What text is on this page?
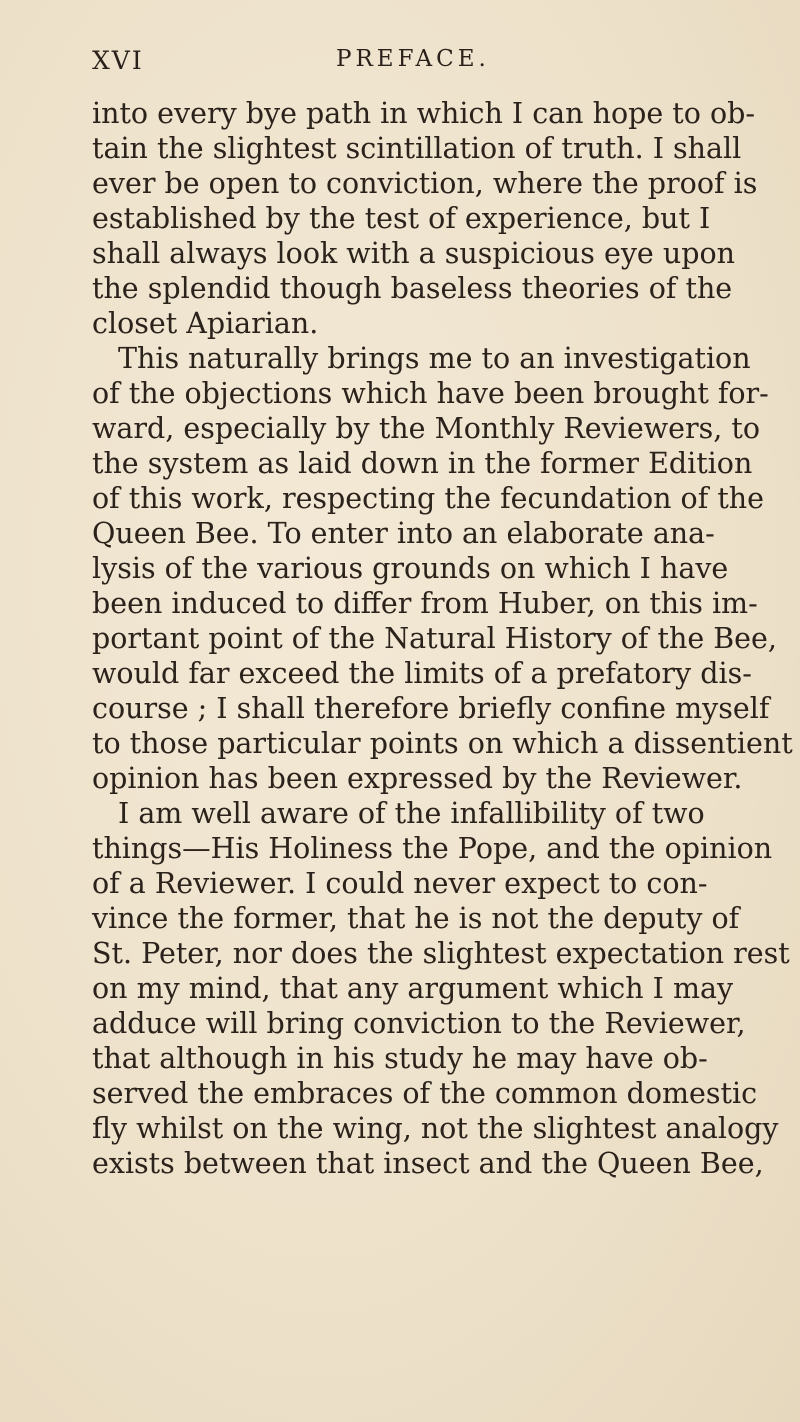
XVI	PREFACE.
into every bye path in which I can hope to ob-
tain the slightest scintillation of truth. I shall
ever be open to conviction, where the proof is
established by the test of experience, but I
shall always look with a suspicious eye upon
the splendid though baseless theories of the
closet Apiarian.
This naturally brings me to an investigation
of the objections which have been brought for-
ward, especially by the Monthly Reviewers, to
the system as laid down in the former Edition
of this work, respecting the fecundation of the
Queen Bee. To enter into an elaborate ana-
lysis of the various grounds on which I have
been induced to differ from Huber, on this im-
portant point of the Natural History of the Bee,
would far exceed the limits of a prefatory dis-
course ; I shall therefore briefly confine myself
to those particular points on which a dissentient
opinion has been expressed by the Reviewer.
I am well aware of the infallibility of two
things—His Holiness the Pope, and the opinion
of a Reviewer. I could never expect to con-
vince the former, that he is not the deputy of
St. Peter, nor does the slightest expectation rest
on my mind, that any argument which I may
adduce will bring conviction to the Reviewer,
that although in his study he may have ob-
served the embraces of the common domestic
fly whilst on the wing, not the slightest analogy
exists between that insect and the Queen Bee,
